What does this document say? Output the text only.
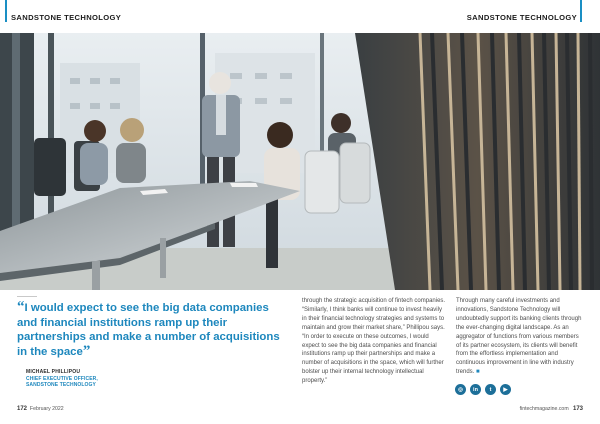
SANDSTONE TECHNOLOGY	SANDSTONE TECHNOLOGY
“I would expect to see the big data companies and financial institutions ramp up their partnerships and make a number of acquisitions in the space”
MICHAEL PHILLIPOU
CHIEF EXECUTIVE OFFICER,
SANDSTONE TECHNOLOGY
through the strategic acquisition of fintech companies. “Similarly, I think banks will continue to invest heavily in their financial technology strategies and systems to maintain and grow their market share,” Phillipou says. “In order to execute on these outcomes, I would expect to see the big data companies and financial institutions ramp up their partnerships and make a number of acquisitions in the space, which will further bolster up their internal technology intellectual property.”
Through many careful investments and innovations, Sandstone Technology will undoubtedly support its banking clients through the ever-changing digital landscape. As an aggregator of functions from various members of its partner ecosystem, its clients will benefit from the effortless implementation and continuous improvement in line with industry trends. ■
◎	in	t	▶
172 February 2022	fintechmagazine.com 173
